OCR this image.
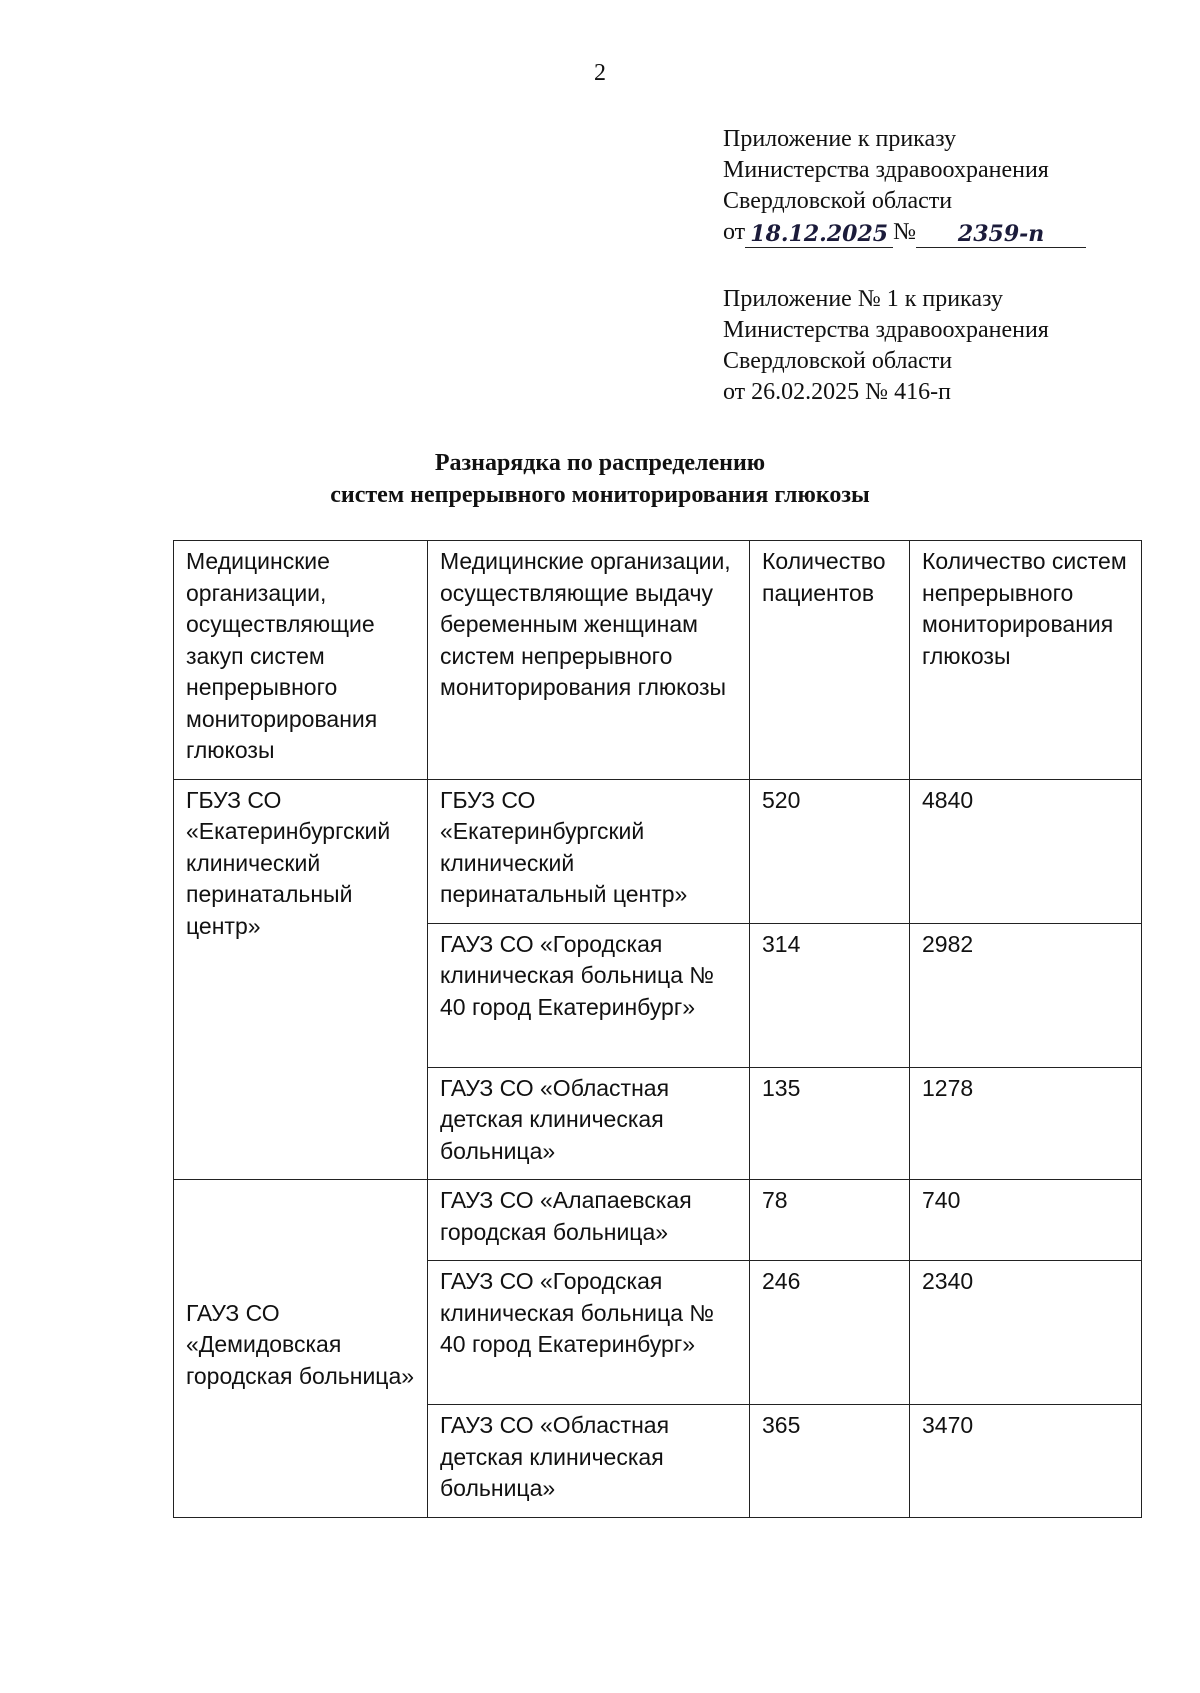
2
Приложение к приказу
Министерства здравоохранения
Свердловской области
от 18.12.2025 № 2359-п
Приложение № 1 к приказу
Министерства здравоохранения
Свердловской области
от 26.02.2025 № 416-п
Разнарядка по распределению
систем непрерывного мониторирования глюкозы
Медицинские организации, осуществляющие закуп систем непрерывного мониторирования глюкозы	Медицинские организации, осуществляющие выдачу беременным женщинам систем непрерывного мониторирования глюкозы	Количество пациентов	Количество систем непрерывного мониторирования глюкозы
ГБУЗ СО «Екатеринбургский клинический перинатальный центр»	ГБУЗ СО «Екатеринбургский клинический перинатальный центр»	520	4840
	ГАУЗ СО «Городская клиническая больница № 40 город Екатеринбург»	314	2982
	ГАУЗ СО «Областная детская клиническая больница»	135	1278
ГАУЗ СО «Демидовская городская больница»	ГАУЗ СО «Алапаевская городская больница»	78	740
	ГАУЗ СО «Городская клиническая больница № 40 город Екатеринбург»	246	2340
	ГАУЗ СО «Областная детская клиническая больница»	365	3470
